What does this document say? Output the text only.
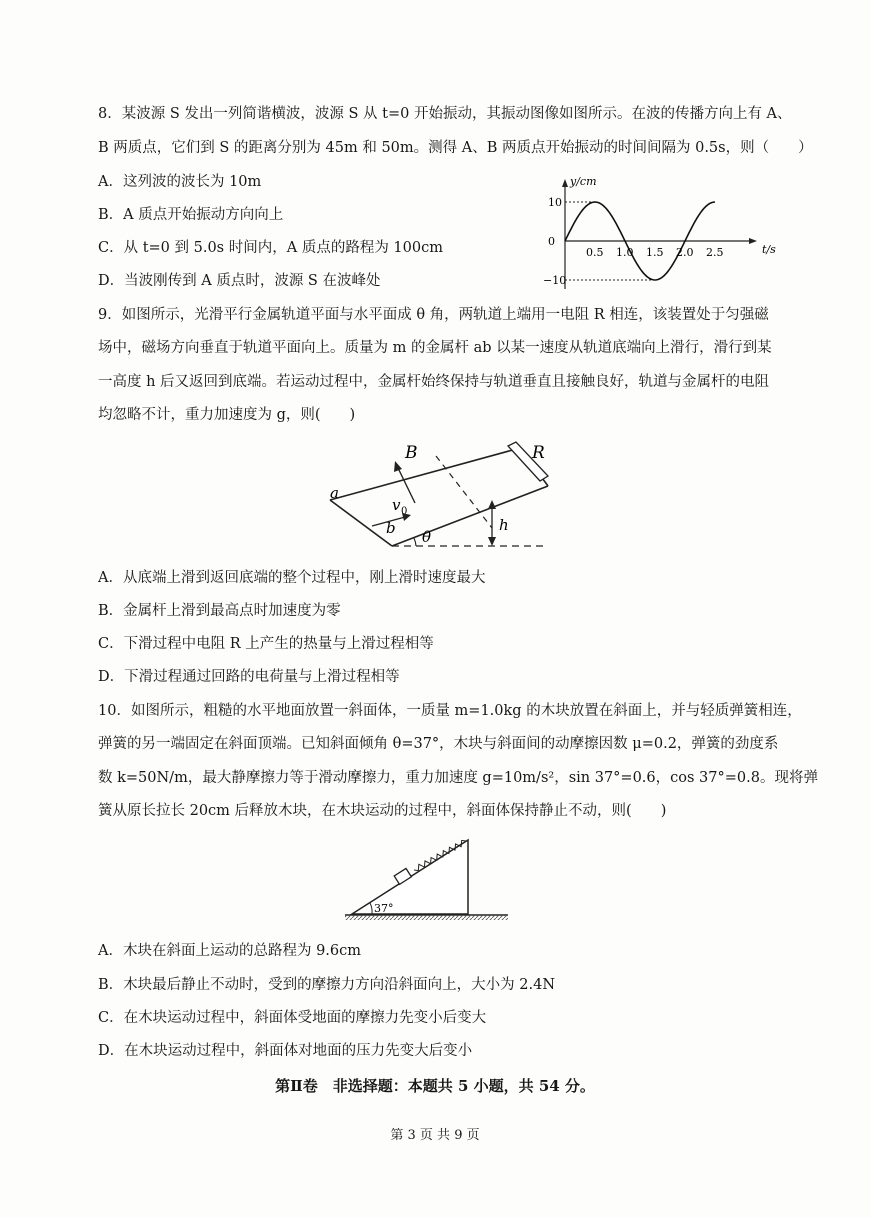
8．某波源 S 发出一列简谐横波，波源 S 从 t=0 开始振动，其振动图像如图所示。在波的传播方向上有 A、
B 两质点，它们到 S 的距离分别为 45m 和 50m。测得 A、B 两质点开始振动的时间间隔为 0.5s，则（　　）
A．这列波的波长为 10m
B．A 质点开始振动方向向上
C．从 t=0 到 5.0s 时间内，A 质点的路程为 100cm
D．当波刚传到 A 质点时，波源 S 在波峰处
0.5 1.0 1.5 2.0 2.5
10
0
−10
t/s
y/cm
9．如图所示，光滑平行金属轨道平面与水平面成 θ 角，两轨道上端用一电阻 R 相连，该装置处于匀强磁
场中，磁场方向垂直于轨道平面向上。质量为 m 的金属杆 ab 以某一速度从轨道底端向上滑行，滑行到某
一高度 h 后又返回到底端。若运动过程中，金属杆始终保持与轨道垂直且接触良好，轨道与金属杆的电阻
均忽略不计，重力加速度为 g，则(　　)
B	R
a
b
v 0
θ
h
A．从底端上滑到返回底端的整个过程中，刚上滑时速度最大
B．金属杆上滑到最高点时加速度为零
C．下滑过程中电阻 R 上产生的热量与上滑过程相等
D．下滑过程通过回路的电荷量与上滑过程相等
10．如图所示，粗糙的水平地面放置一斜面体，一质量 m=1.0kg 的木块放置在斜面上，并与轻质弹簧相连，
弹簧的另一端固定在斜面顶端。已知斜面倾角 θ=37°，木块与斜面间的动摩擦因数 μ=0.2，弹簧的劲度系
数 k=50N/m，最大静摩擦力等于滑动摩擦力，重力加速度 g=10m/s²，sin 37°=0.6，cos 37°=0.8。现将弹
簧从原长拉长 20cm 后释放木块，在木块运动的过程中，斜面体保持静止不动，则(　　)
37°
A．木块在斜面上运动的总路程为 9.6cm
B．木块最后静止不动时，受到的摩擦力方向沿斜面向上，大小为 2.4N
C．在木块运动过程中，斜面体受地面的摩擦力先变小后变大
D．在木块运动过程中，斜面体对地面的压力先变大后变小
第Ⅱ卷　非选择题：本题共 5 小题，共 54 分。
第 3 页 共 9 页
